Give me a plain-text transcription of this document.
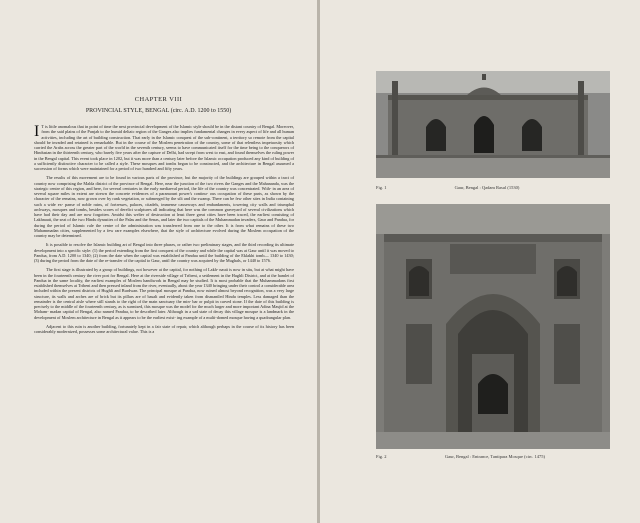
CHAPTER VIII
PROVINCIAL STYLE, BENGAL (circ. A.D. 1200 to 1550)

I T is little anomalous that in point of time the next provincial development of the Islamic style should be in the distant country of Bengal. Moreover, from the said plains of the Punjab to the humid deltaic region of the Ganges also implies fundamental changes in every aspect of life and all human activities, including the art of building construction. That early in the Islamic conquest of the sub-continent, a territory so remote from the capital should be invaded and retained is remarkable. But in the course of the Moslem penetration of the country, some of that relentless impetuosity which carried the Arabs across the greater part of the world in the seventh century, seems to have communicated itself for the time being to the conquerors of Hindustan in the thirteenth century, who barely five years after the capture of Delhi, had swept from west to east, and found themselves the ruling power in the Bengal capital. This event took place in 1202, but it was more than a century later before the Islamic occupation produced any kind of building of a sufficiently distinctive character to be called a style. These mosques and tombs began to be constructed, and the architecture in Bengal assumed a succession of forms which were maintained for a period of two hundred and fifty years.

The results of this movement are to be found in various parts of the province, but the majority of the buildings are grouped within a tract of country now comprising the Malda district of the province of Bengal. Here, near the junction of the two rivers the Ganges and the Mahananda, was the strategic centre of this region, and here, for several centuries in the early mediaeval period, the life of the country was concentrated. With- in an area of several square miles in extent are strewn the concrete evidences of a paramount power's continu- ous occupation of these parts, as shown by the character of the remains, now grown over by rank vegetation, or submerged by the silt and the swamp. There can be few other sites in India containing such a wide ex- panse of noble ruins, of fortresses, palaces, citadels, immense causeways and embankments, towering city walls and triumphal archways, mosques and tombs, besides scores of derelict sculptures all indicating that here was the common graveyard of several civilizations which have had their day and are now forgotten. Amidst this welter of destruction at least three great cities have been traced, the earliest consisting of Lakhnauti, the seat of the two Hindu dynasties of the Palas and the Senas, and later the two capitals of the Muhammadan invaders, Gaur and Pandua, for during the period of Islamic rule the centre of the administration was transferred from one to the other. It is from what remains of these two Muhammadan cities, supplemented by a few rare examples elsewhere, that the style of architecture evolved during the Moslem occupation of the country may be determined.

It is possible to resolve the Islamic building art of Bengal into three phases, or rather two preliminary stages, and the third recording its ultimate development into a specific style: (1) the period extending from the first conquest of the country and while the capital was at Gaur until it was moved to Pandua, from A.D. 1200 to 1340; (2) from the date when the capital was established at Pandua until the building of the Eklakhi tomb— 1340 to 1430; (3) during the period from the date of the re-transfer of the capital to Gaur, until the country was acquired by the Mughals, or 1440 to 1576.

The first stage is illustrated by a group of buildings, not however at the capital, for nothing of Lakh- nauti is now in situ, but at what might have been in the fourteenth century the river port for Bengal. Here at the riverside village of Tribeni, a settlement in the Hughli District, and at the hamlet of Pandua in the same locality, the earliest examples of Moslem handiwork in Bengal may be studied. It is most probable that the Muhammadans first established themselves at Tribeni and then pressed inland from the river, eventually, about the year 1340 bringing under their control a considerable area included within the present districts of Hughli and Burdwan. The principal mosque at Pandua, now ruined almost beyond recognition, was a very large structure, its walls and arches are of brick but its pillars are of basalt and evidently taken from dismantled Hindu temples. Less damaged than the remainder is the central aisle where still stands to the right of the main sanctuary the min- bar or pulpit in carved stone. If the date of this building is precisely to the middle of the fourteenth century, as is surmised, this mosque was the model for the much larger and more important Adina Masjid at the Moham- madan capital of Bengal, also named Pandua, to be described later. Although in a sad state of decay this village mosque is a landmark in the development of Moslem architecture in Bengal as it appears to be the earliest exist- ing example of a multi-domed mosque having a quadrangular plan.

Adjacent to this ruin is another building, fortunately kept in a fair state of repair, which although perhaps in the course of its history has been considerably modernized, possesses some architectural value. This is a

Fig. 1	Gaur, Bengal : Qadam Rasul (1530)
Fig. 2	Gaur, Bengal : Entrance, Tantipara Mosque (circ. 1475)
